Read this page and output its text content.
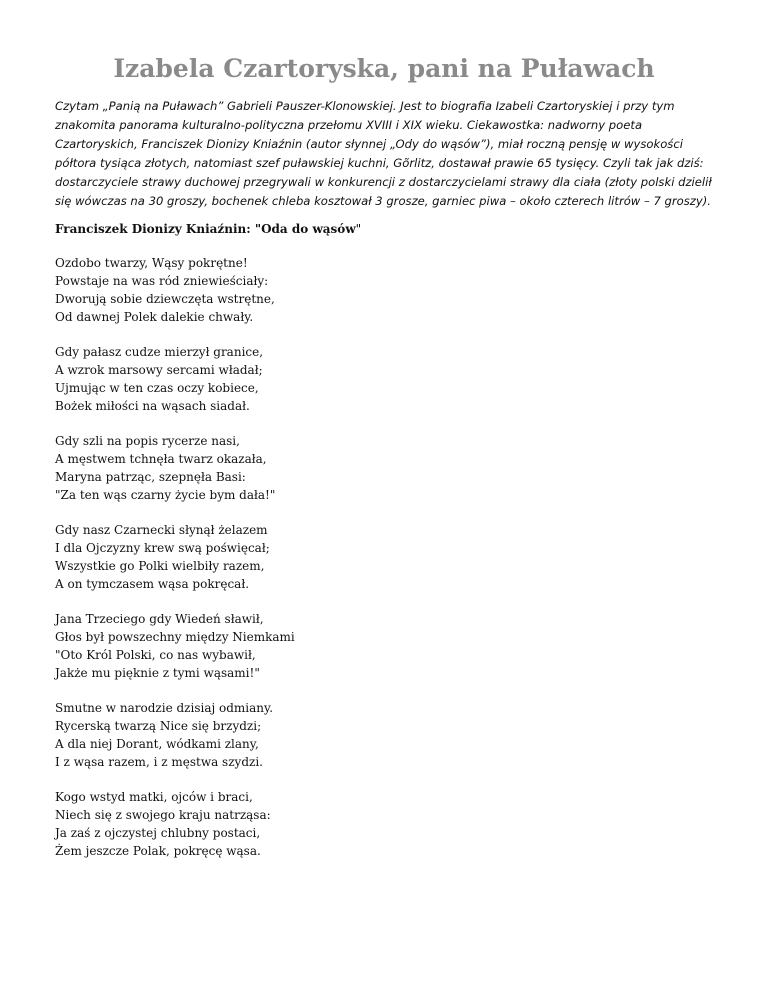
Izabela Czartoryska, pani na Puławach
Czytam „Panią na Puławach” Gabrieli Pauszer-Klonowskiej. Jest to biografia Izabeli Czartoryskiej i przy tym
znakomita panorama kulturalno-polityczna przełomu XVIII i XIX wieku. Ciekawostka: nadworny poeta
Czartoryskich, Franciszek Dionizy Kniaźnin (autor słynnej „Ody do wąsów”), miał roczną pensję w wysokości
półtora tysiąca złotych, natomiast szef puławskiej kuchni, Gõrlitz, dostawał prawie 65 tysięcy. Czyli tak jak dziś:
dostarczyciele strawy duchowej przegrywali w konkurencji z dostarczycielami strawy dla ciała (złoty polski dzielił
się wówczas na 30 groszy, bochenek chleba kosztował 3 grosze, garniec piwa – około czterech litrów – 7 groszy).

Franciszek Dionizy Kniaźnin: "Oda do wąsów"

Ozdobo twarzy, Wąsy pokrętne!
Powstaje na was ród zniewieściały:
Dworują sobie dziewczęta wstrętne,
Od dawnej Polek dalekie chwały.

Gdy pałasz cudze mierzył granice,
A wzrok marsowy sercami władał;
Ujmując w ten czas oczy kobiece,
Bożek miłości na wąsach siadał.

Gdy szli na popis rycerze nasi,
A męstwem tchnęła twarz okazała,
Maryna patrząc, szepnęła Basi:
"Za ten wąs czarny życie bym dała!"

Gdy nasz Czarnecki słynął żelazem
I dla Ojczyzny krew swą poświęcał;
Wszystkie go Polki wielbiły razem,
A on tymczasem wąsa pokręcał.

Jana Trzeciego gdy Wiedeń sławił,
Głos był powszechny między Niemkami
"Oto Król Polski, co nas wybawił,
Jakże mu pięknie z tymi wąsami!"

Smutne w narodzie dzisiaj odmiany.
Rycerską twarzą Nice się brzydzi;
A dla niej Dorant, wódkami zlany,
I z wąsa razem, i z męstwa szydzi.

Kogo wstyd matki, ojców i braci,
Niech się z swojego kraju natrząsa:
Ja zaś z ojczystej chlubny postaci,
Żem jeszcze Polak, pokręcę wąsa.
